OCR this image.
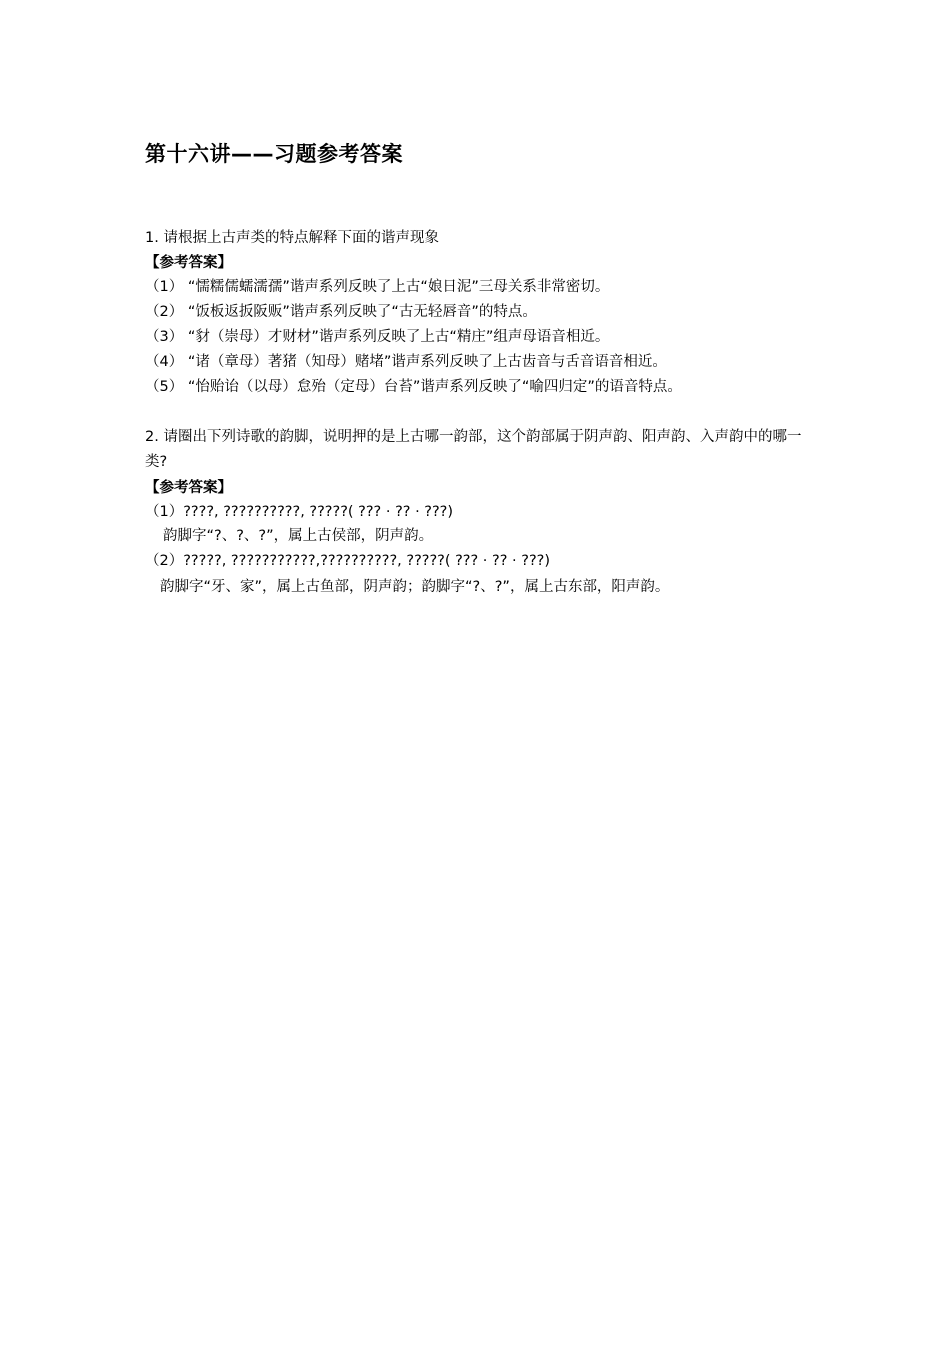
第十六讲——习题参考答案
1. 请根据上古声类的特点解释下面的谐声现象
【参考答案】
（1） “懦糯儒蠕濡孺”谐声系列反映了上古“娘日泥”三母关系非常密切。
（2） “饭板返扳阪贩”谐声系列反映了“古无轻唇音”的特点。
（3） “豺（崇母）才财材”谐声系列反映了上古“精庄”组声母语音相近。
（4） “诸（章母）著猪（知母）赌堵”谐声系列反映了上古齿音与舌音语音相近。
（5） “怡贻诒（以母）怠殆（定母）台苔”谐声系列反映了“喻四归定”的语音特点。
2. 请圈出下列诗歌的韵脚，说明押的是上古哪一韵部，这个韵部属于阴声韵、阳声韵、入声韵中的哪一类?
【参考答案】
（1）????, ??????????, ?????( ??? · ?? · ???)
韵脚字“?、?、?”，属上古侯部，阴声韵。
（2）?????, ???????????,??????????, ?????( ??? · ?? · ???)
韵脚字“牙、家”，属上古鱼部，阴声韵；韵脚字“?、?”，属上古东部，阳声韵。
